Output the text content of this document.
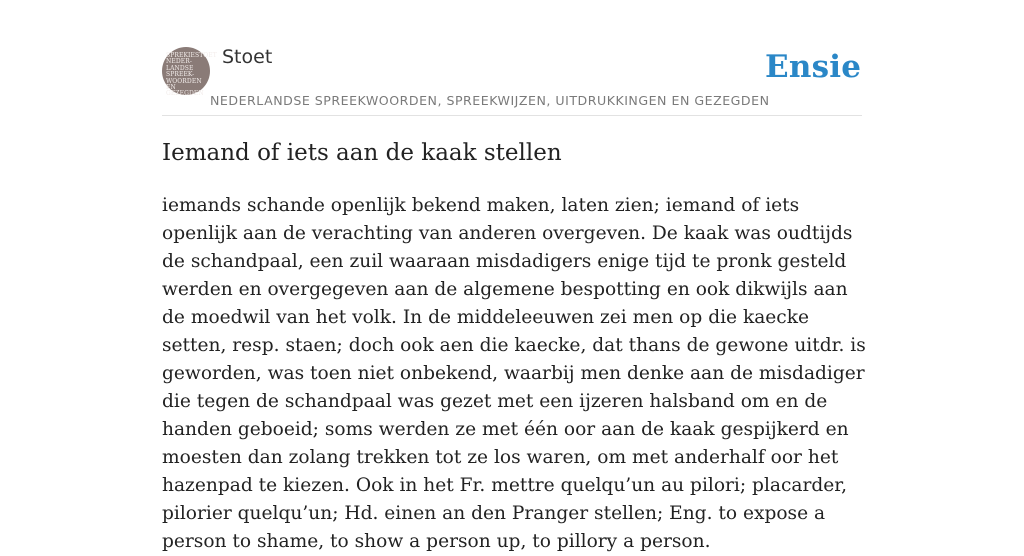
SPREKIESTOET
NEDER-
LANDSE
SPREEK-
WOORDEN EN
GEZEGDEN
Stoet	Ensie
NEDERLANDSE SPREEKWOORDEN, SPREEKWIJZEN, UITDRUKKINGEN EN GEZEGDEN
Iemand of iets aan de kaak stellen

iemands schande openlijk bekend maken, laten zien; iemand of iets openlijk aan de verachting van anderen overgeven. De kaak was oudtijds de schandpaal, een zuil waaraan misdadigers enige tijd te pronk gesteld werden en overgegeven aan de algemene bespotting en ook dikwijls aan de moedwil van het volk. In de middeleeuwen zei men op die kaecke setten, resp. staen; doch ook aen die kaecke, dat thans de gewone uitdr. is geworden, was toen niet onbekend, waarbij men denke aan de misdadiger die tegen de schandpaal was gezet met een ijzeren halsband om en de handen geboeid; soms werden ze met één oor aan de kaak gespijkerd en moesten dan zolang trekken tot ze los waren, om met anderhalf oor het hazenpad te kiezen. Ook in het Fr. mettre quelqu’un au pilori; placarder, pilorier quelqu’un; Hd. einen an den Pranger stellen; Eng. to expose a person to shame, to show a person up, to pillory a person.
